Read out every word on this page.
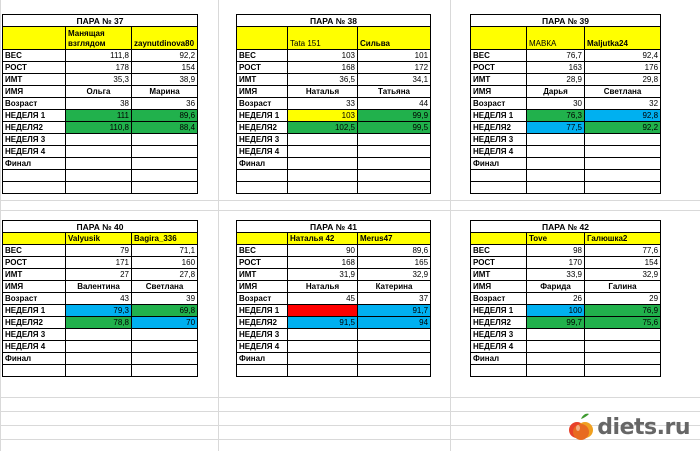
ПАРА № 37		
	Манящая взглядом	zaynutdinova80
ВЕС	111,8	92,2
РОСТ	178	154
ИМТ	35,3	38,9
ИМЯ	Ольга	Марина
Возраст	38	36
НЕДЕЛЯ 1	111	89,6
НЕДЕЛЯ2	110,8	88,4
НЕДЕЛЯ 3		
НЕДЕЛЯ 4		
Финал		

ПАРА № 38		
	Tata 151	Сильва
ВЕС	103	101
РОСТ	168	172
ИМТ	36,5	34,1
ИМЯ	Наталья	Татьяна
Возраст	33	44
НЕДЕЛЯ 1	103	99,9
НЕДЕЛЯ2	102,5	99,5
НЕДЕЛЯ 3		
НЕДЕЛЯ 4		
Финал		

ПАРА № 39		
	МАВКА	Maljutka24
ВЕС	76,7	92,4
РОСТ	163	176
ИМТ	28,9	29,8
ИМЯ	Дарья	Светлана
Возраст	30	32
НЕДЕЛЯ 1	76,3	92,8
НЕДЕЛЯ2	77,5	92,2
НЕДЕЛЯ 3		
НЕДЕЛЯ 4		
Финал		

ПАРА № 40		
	Valyusik	Bagira_336
ВЕС	79	71,1
РОСТ	171	160
ИМТ	27	27,8
ИМЯ	Валентина	Светлана
Возраст	43	39
НЕДЕЛЯ 1	79,3	69,8
НЕДЕЛЯ2	78,8	70
НЕДЕЛЯ 3		
НЕДЕЛЯ 4		
Финал		

ПАРА № 41		
	Наталья 42	Merus47
ВЕС	90	89,6
РОСТ	168	165
ИМТ	31,9	32,9
ИМЯ	Наталья	Катерина
Возраст	45	37
НЕДЕЛЯ 1		91,7
НЕДЕЛЯ2	91,5	94
НЕДЕЛЯ 3		
НЕДЕЛЯ 4		
Финал		

ПАРА № 42		
	Tove	Галюшка2
ВЕС	98	77,6
РОСТ	170	154
ИМТ	33,9	32,9
ИМЯ	Фарида	Галина
Возраст	26	29
НЕДЕЛЯ 1	100	76,9
НЕДЕЛЯ2	99,7	75,6
НЕДЕЛЯ 3		
НЕДЕЛЯ 4		
Финал		

diets.ru
